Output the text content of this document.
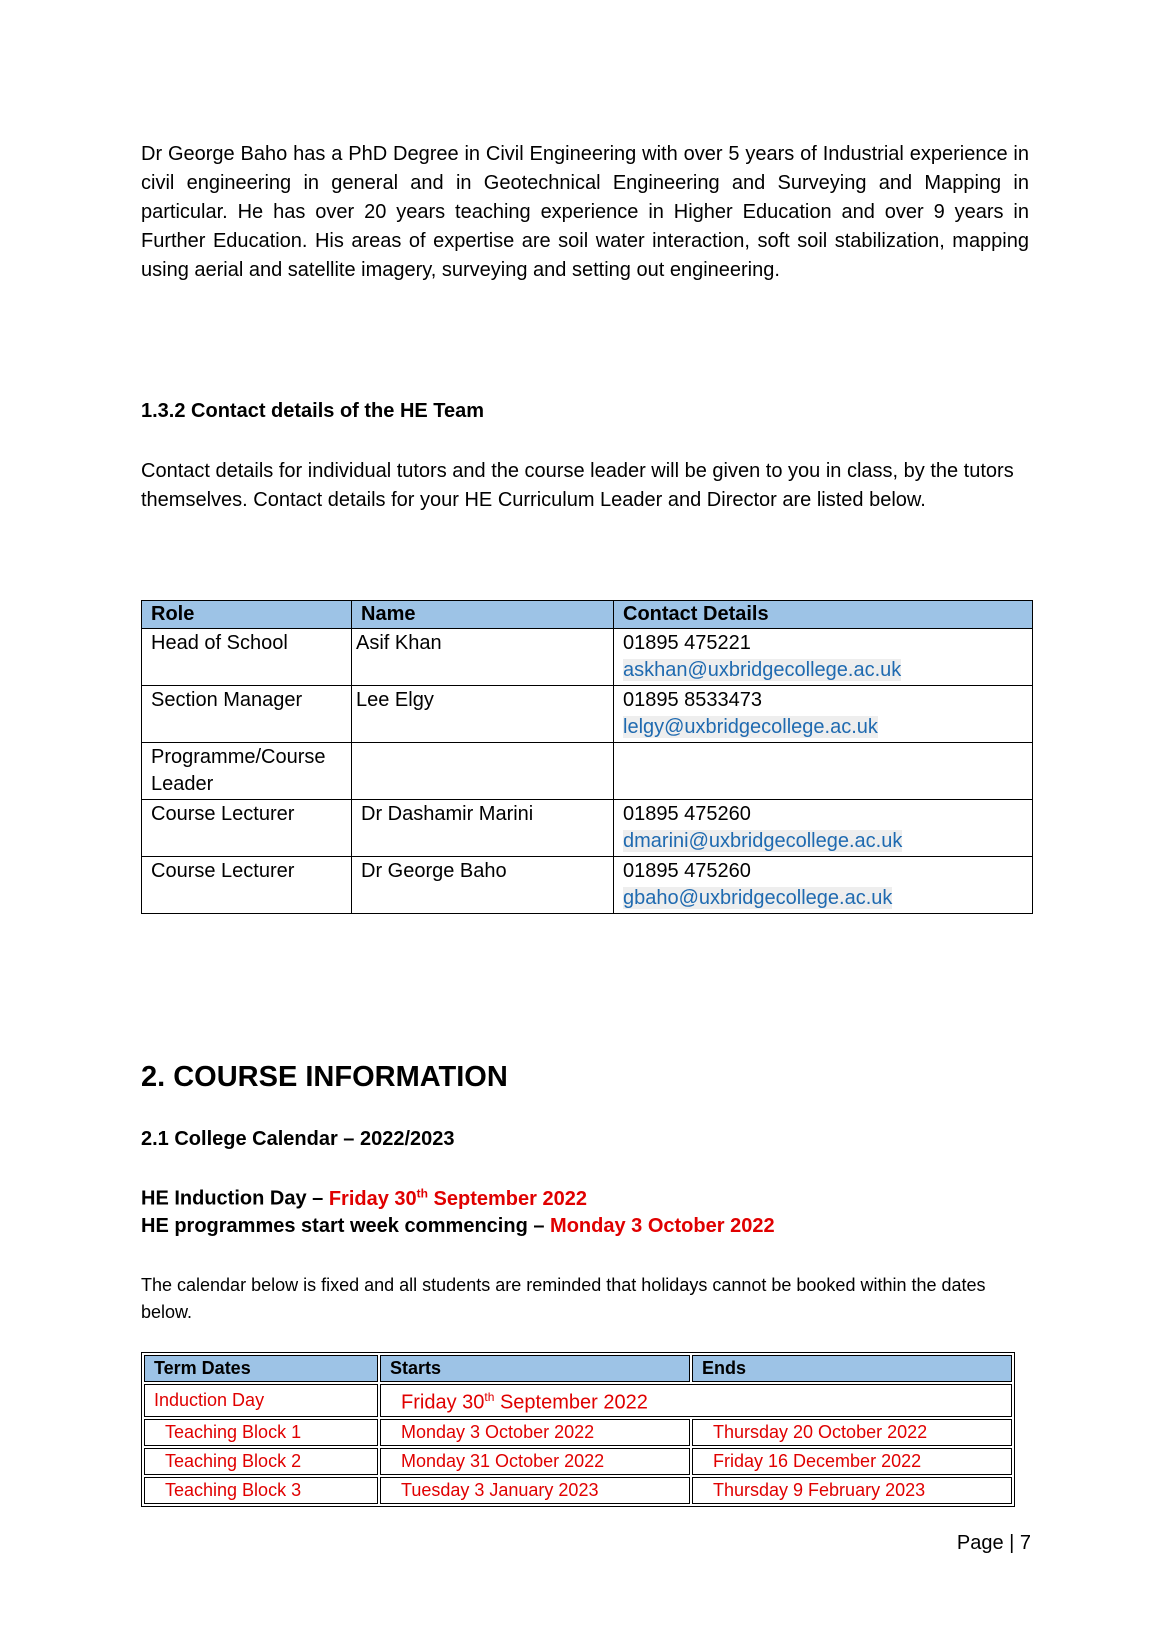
Dr George Baho has a PhD Degree in Civil Engineering with over 5 years of Industrial experience in civil engineering in general and in Geotechnical Engineering and Surveying and Mapping in particular. He has over 20 years teaching experience in Higher Education and over 9 years in Further Education. His areas of expertise are soil water interaction, soft soil stabilization, mapping using aerial and satellite imagery, surveying and setting out engineering.

1.3.2 Contact details of the HE Team

Contact details for individual tutors and the course leader will be given to you in class, by the tutors themselves. Contact details for your HE Curriculum Leader and Director are listed below.

Role	Name	Contact Details
Head of School	Asif Khan	01895 475221
askhan@uxbridgecollege.ac.uk
Section Manager	Lee Elgy	01895 8533473
lelgy@uxbridgecollege.ac.uk
Programme/Course Leader		
Course Lecturer	Dr Dashamir Marini	01895 475260
dmarini@uxbridgecollege.ac.uk
Course Lecturer	Dr George Baho	01895 475260
gbaho@uxbridgecollege.ac.uk

2. COURSE INFORMATION

2.1 College Calendar – 2022/2023

HE Induction Day – Friday 30th September 2022

HE programmes start week commencing – Monday 3 October 2022

The calendar below is fixed and all students are reminded that holidays cannot be booked within the dates below.

Term Dates	Starts	Ends
Induction Day	Friday 30th September 2022	
Teaching Block 1	Monday 3 October 2022	Thursday 20 October 2022
Teaching Block 2	Monday 31 October 2022	Friday 16 December 2022
Teaching Block 3	Tuesday 3 January 2023	Thursday 9 February 2023

Page | 7
